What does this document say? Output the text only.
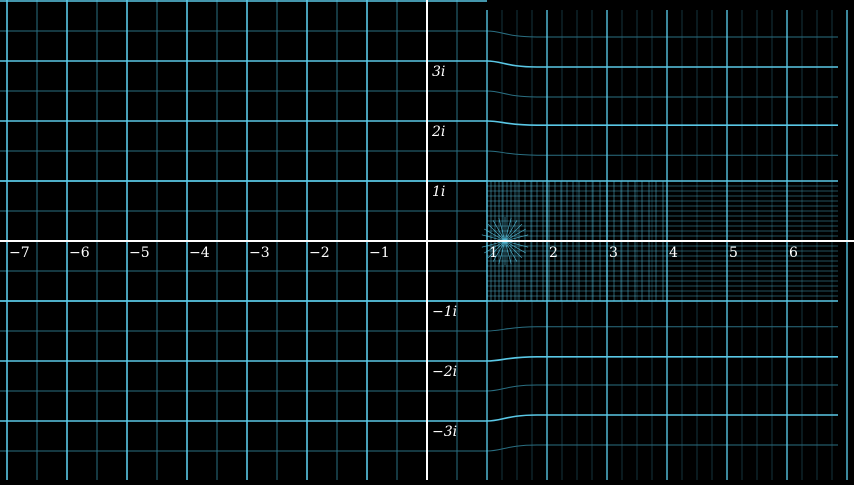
−7	−6	−5	−4	−3	−2	−1	1	2	3	4	5	6
3i
2i
1i
−1i
−2i
−3i
